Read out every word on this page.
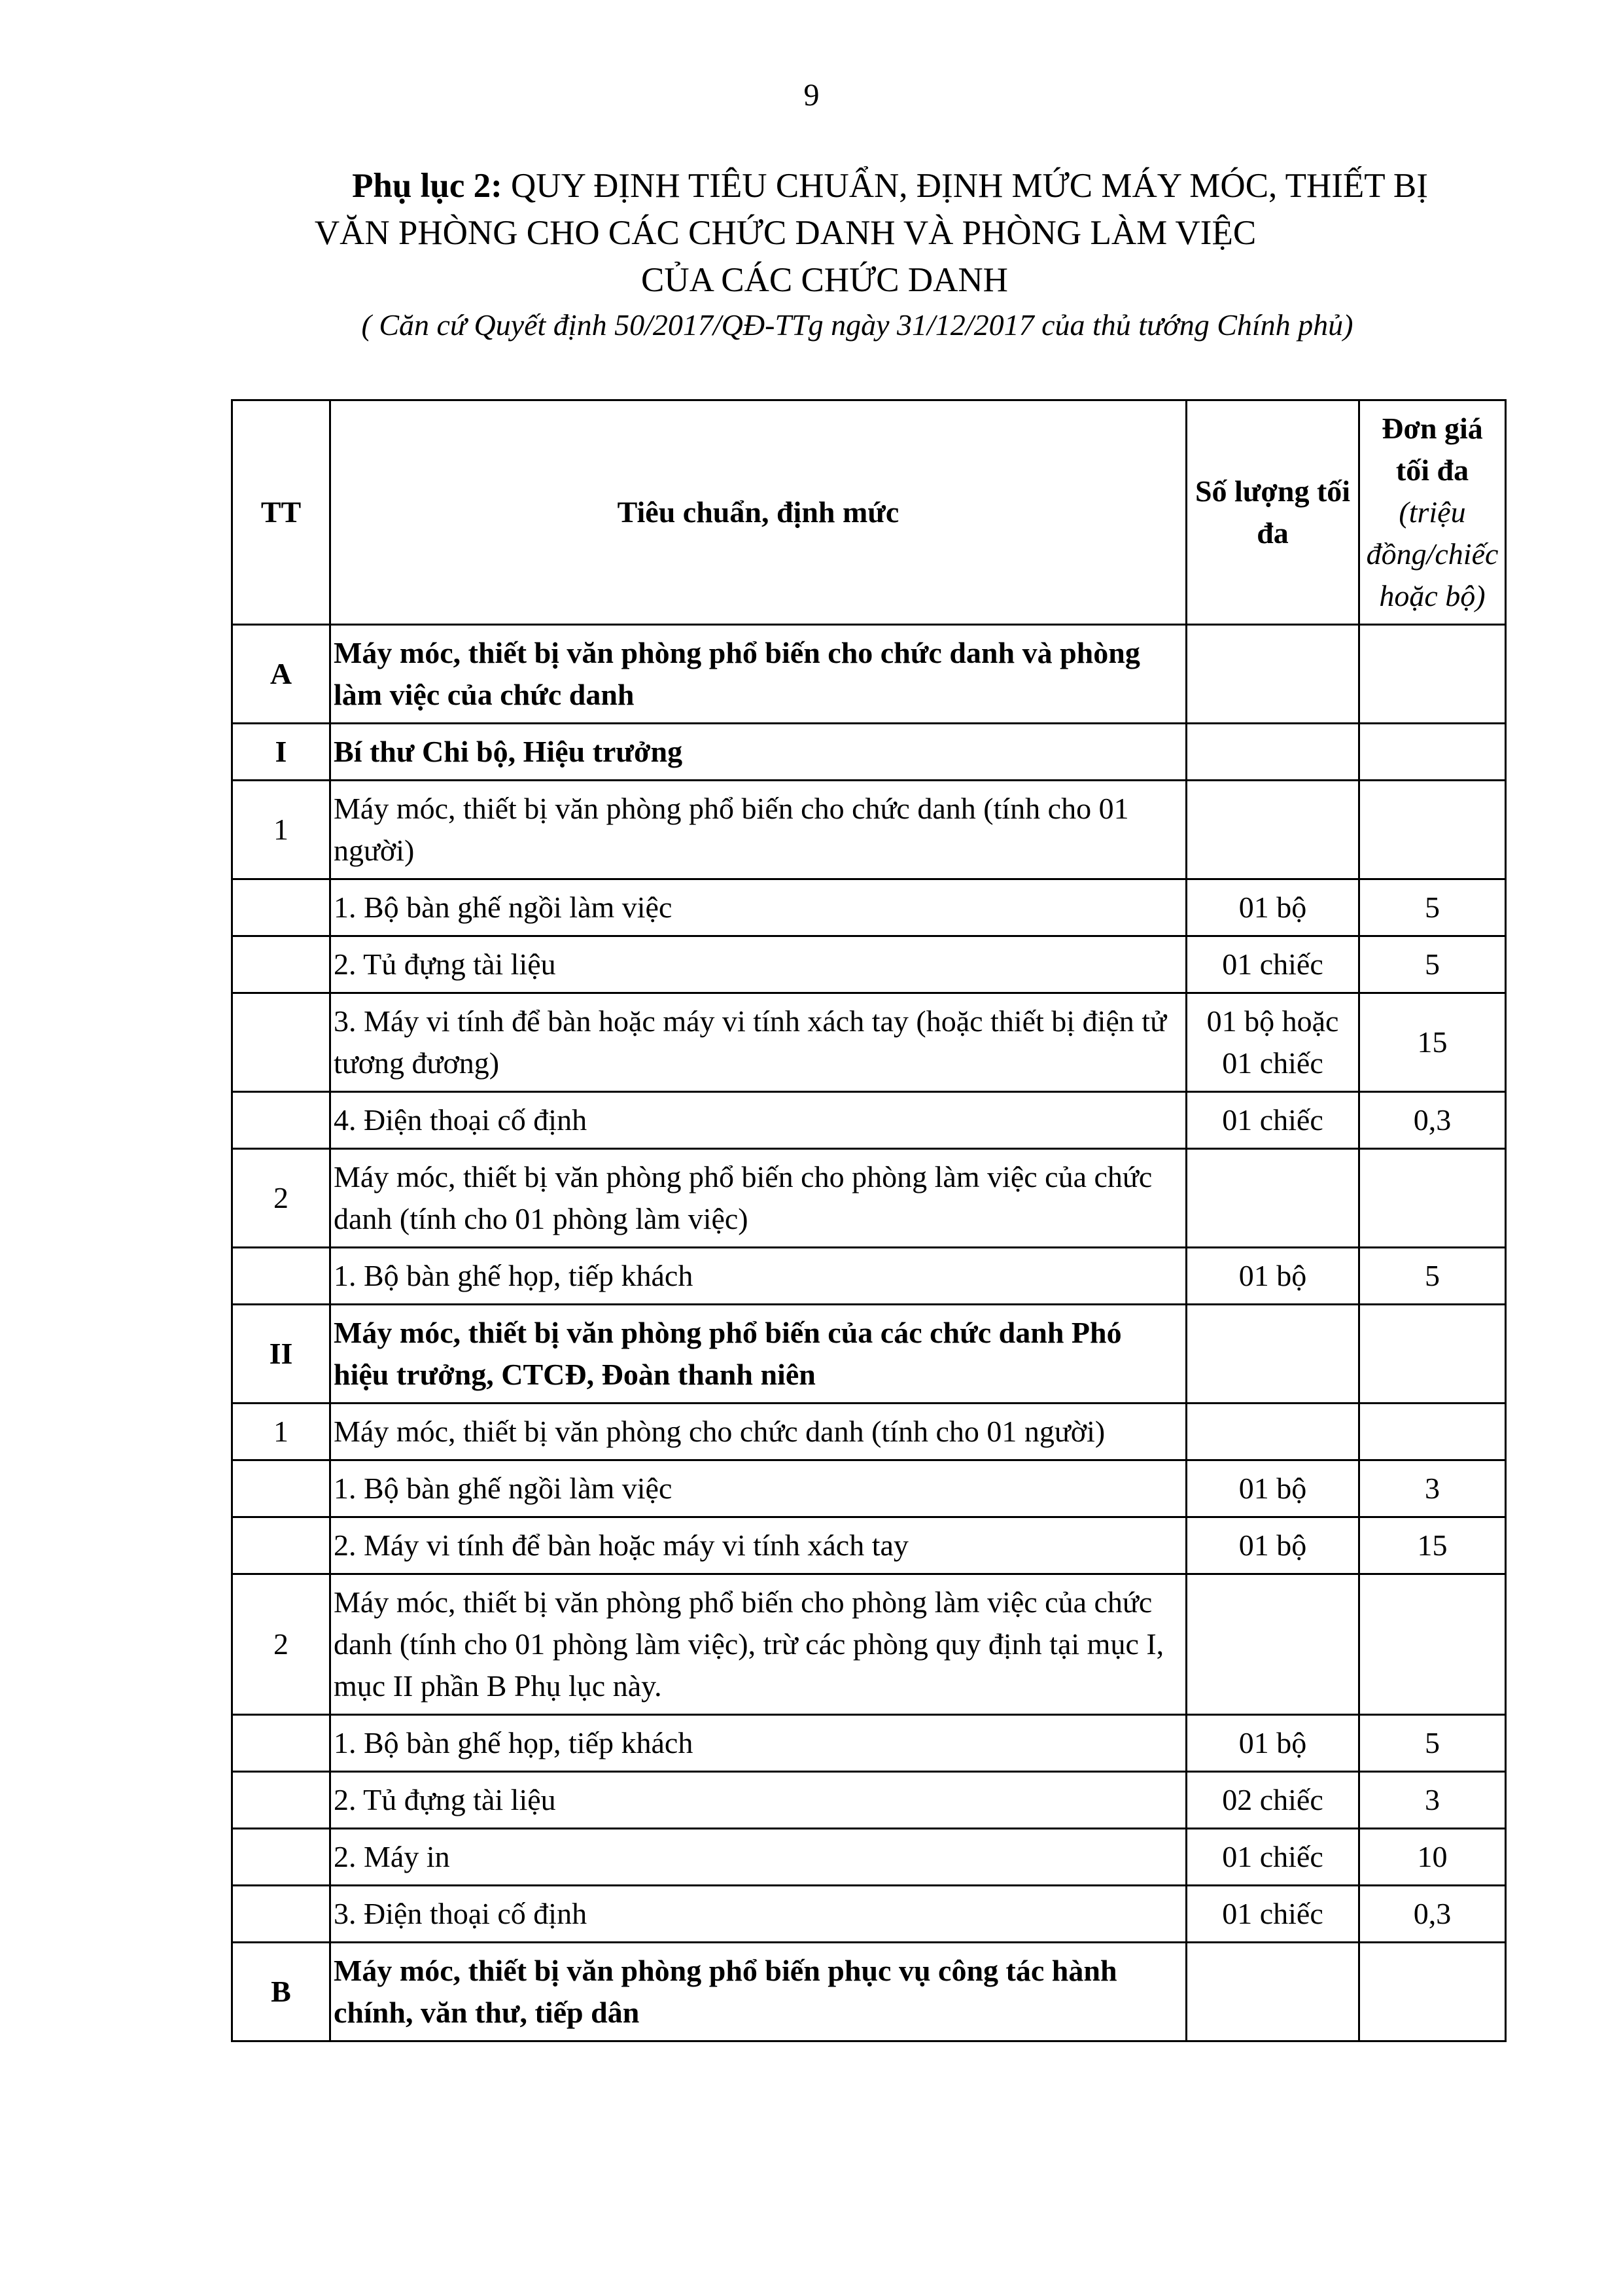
9
Phụ lục 2: QUY ĐỊNH TIÊU CHUẨN, ĐỊNH MỨC MÁY MÓC, THIẾT BỊ
VĂN PHÒNG CHO CÁC CHỨC DANH VÀ PHÒNG LÀM VIỆC
CỦA CÁC CHỨC DANH
( Căn cứ Quyết định 50/2017/QĐ-TTg ngày 31/12/2017 của thủ tướng Chính phủ)
TT	Tiêu chuẩn, định mức	Số lượng tối đa	Đơn giá tối đa (triệu đồng/chiếc hoặc bộ)
A	Máy móc, thiết bị văn phòng phổ biến cho chức danh và phòng làm việc của chức danh		
I	Bí thư Chi bộ, Hiệu trưởng		
1	Máy móc, thiết bị văn phòng phổ biến cho chức danh (tính cho 01 người)		
	1. Bộ bàn ghế ngồi làm việc	01 bộ	5
	2. Tủ đựng tài liệu	01 chiếc	5
	3. Máy vi tính để bàn hoặc máy vi tính xách tay (hoặc thiết bị điện tử tương đương)	01 bộ hoặc 01 chiếc	15
	4. Điện thoại cố định	01 chiếc	0,3
2	Máy móc, thiết bị văn phòng phổ biến cho phòng làm việc của chức danh (tính cho 01 phòng làm việc)		
	1. Bộ bàn ghế họp, tiếp khách	01 bộ	5
II	Máy móc, thiết bị văn phòng phổ biến của các chức danh Phó hiệu trưởng, CTCĐ, Đoàn thanh niên		
1	Máy móc, thiết bị văn phòng cho chức danh (tính cho 01 người)		
	1. Bộ bàn ghế ngồi làm việc	01 bộ	3
	2. Máy vi tính để bàn hoặc máy vi tính xách tay	01 bộ	15
2	Máy móc, thiết bị văn phòng phổ biến cho phòng làm việc của chức danh (tính cho 01 phòng làm việc), trừ các phòng quy định tại mục I, mục II phần B Phụ lục này.		
	1. Bộ bàn ghế họp, tiếp khách	01 bộ	5
	2. Tủ đựng tài liệu	02 chiếc	3
	2. Máy in	01 chiếc	10
	3. Điện thoại cố định	01 chiếc	0,3
B	Máy móc, thiết bị văn phòng phổ biến phục vụ công tác hành chính, văn thư, tiếp dân		
